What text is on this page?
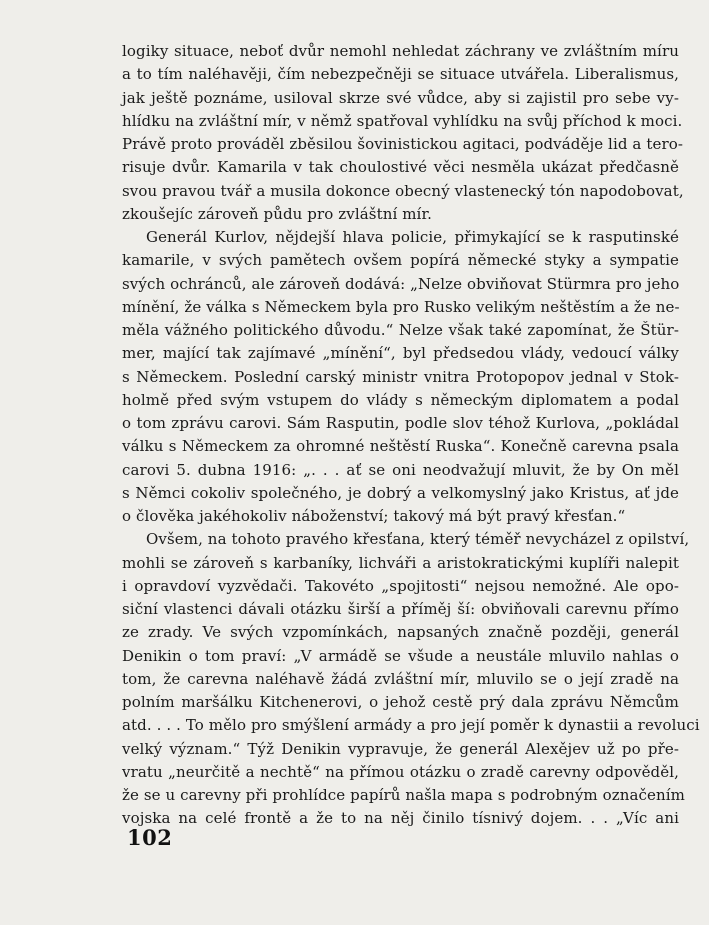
logiky situace, neboť dvůr nemohl nehledat záchrany ve zvláštním míru
a to tím naléhavěji, čím nebezpečněji se situace utvářela. Liberalismus,
jak ještě poznáme, usiloval skrze své vůdce, aby si zajistil pro sebe vy-
hlídku na zvláštní mír, v němž spatřoval vyhlídku na svůj příchod k moci.
Právě proto prováděl zběsilou šovinistickou agitaci, podváděje lid a tero-
risuje dvůr. Kamarila v tak choulostivé věci nesměla ukázat předčasně
svou pravou tvář a musila dokonce obecný vlastenecký tón napodobovat,
zkoušejíc zároveň půdu pro zvláštní mír.
Generál Kurlov, nějdejší hlava policie, přimykající se k rasputinské
kamarile, v svých pamětech ovšem popírá německé styky a sympatie
svých ochránců, ale zároveň dodává: „Nelze obviňovat Stürmra pro jeho
mínění, že válka s Německem byla pro Rusko velikým neštěstím a že ne-
měla vážného politického důvodu.“ Nelze však také zapomínat, že Štür-
mer, mající tak zajímavé „mínění“, byl předsedou vlády, vedoucí války
s Německem. Poslední carský ministr vnitra Protopopov jednal v Stok-
holmě před svým vstupem do vlády s německým diplomatem a podal
o tom zprávu carovi. Sám Rasputin, podle slov téhož Kurlova, „pokládal
válku s Německem za ohromné neštěstí Ruska“. Konečně carevna psala
carovi 5. dubna 1916: „. . . ať se oni neodvažují mluvit, že by On měl
s Němci cokoliv společného, je dobrý a velkomyslný jako Kristus, ať jde
o člověka jakéhokoliv náboženství; takový má být pravý křesťan.“
Ovšem, na tohoto pravého křesťana, který téměř nevycházel z opilství,
mohli se zároveň s karbaníky, lichváři a aristokratickými kuplíři nalepit
i opravdoví vyzvědači. Takovéto „spojitosti“ nejsou nemožné. Ale opo-
siční vlastenci dávali otázku širší a příměj ší: obviňovali carevnu přímo
ze zrady. Ve svých vzpomínkách, napsaných značně později, generál
Denikin o tom praví: „V armádě se všude a neustále mluvilo nahlas o
tom, že carevna naléhavě žádá zvláštní mír, mluvilo se o její zradě na
polním maršálku Kitchenerovi, o jehož cestě prý dala zprávu Němcům
atd. . . . To mělo pro smýšlení armády a pro její poměr k dynastii a revoluci
velký význam.“ Týž Denikin vypravuje, že generál Alexějev už po pře-
vratu „neurčitě a nechtě“ na přímou otázku o zradě carevny odpověděl,
že se u carevny při prohlídce papírů našla mapa s podrobným označením
vojska na celé frontě a že to na něj činilo tísnivý dojem. . . „Víc ani
102
